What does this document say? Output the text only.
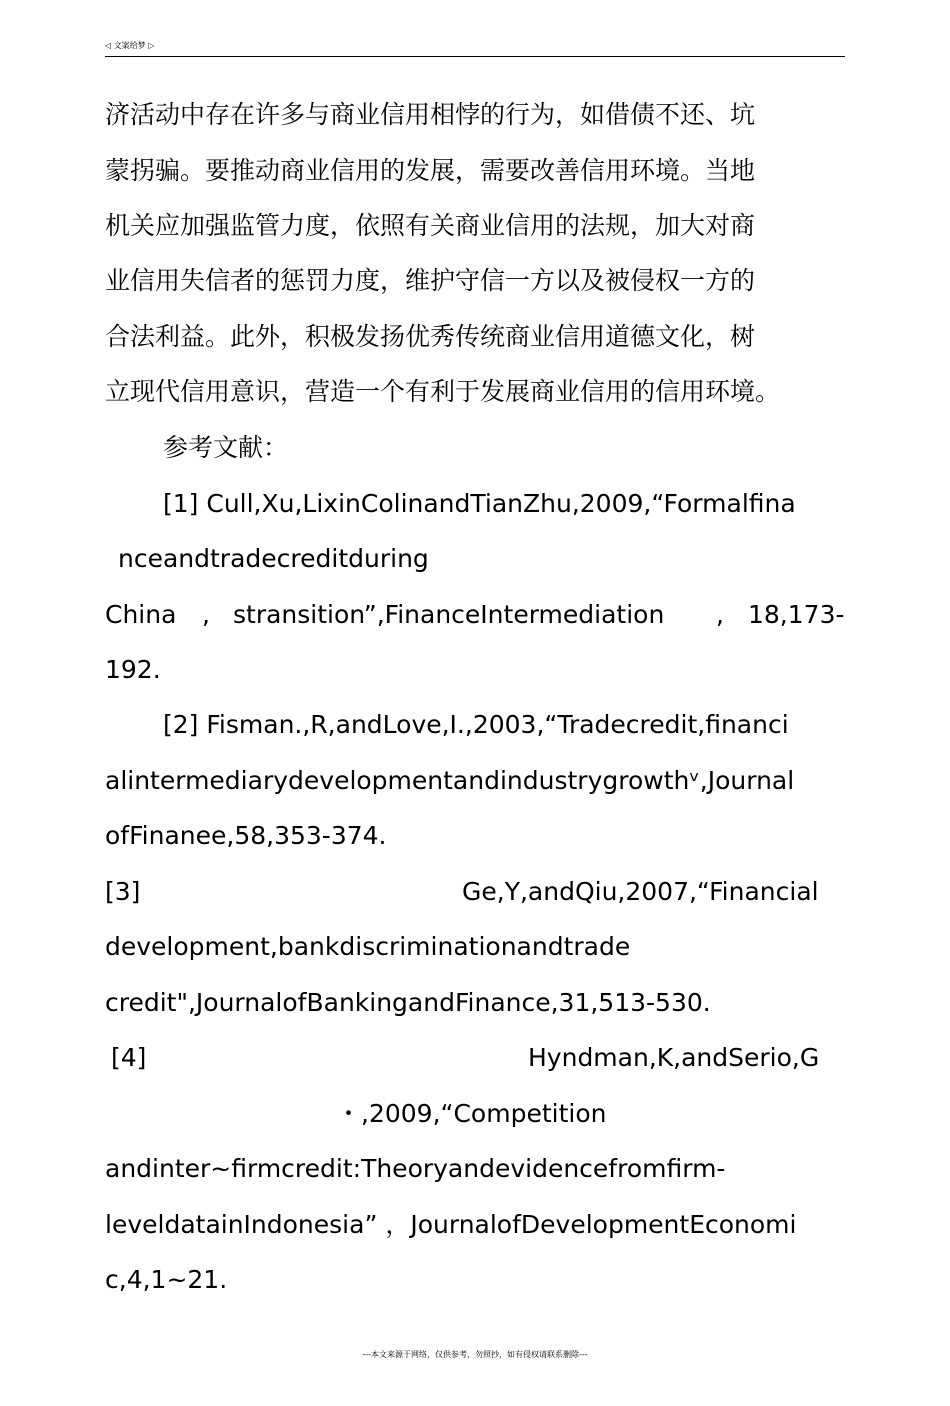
◁ 文案给梦 ▷
济活动中存在许多与商业信用相悖的行为，如借债不还、坑
蒙拐骗。要推动商业信用的发展，需要改善信用环境。当地
机关应加强监管力度，依照有关商业信用的法规，加大对商
业信用失信者的惩罚力度，维护守信一方以及被侵权一方的
合法利益。此外，积极发扬优秀传统商业信用道德文化，树
立现代信用意识，营造一个有利于发展商业信用的信用环境。
参考文献：
[1] Cull,Xu,LixinColinandTianZhu,2009,“Formalfina
nceandtradecreditduring
China , stransition”,FinanceIntermediation , 18,173-
192.
[2] Fisman.,R,andLove,I.,2003,“Tradecredit,financi
alintermediarydevelopmentandindustrygrowthᵛ,Journal
ofFinanee,58,353-374.
[3]	Ge,Y,andQiu,2007,“Financial
development,bankdiscriminationandtrade
credit",JournalofBankingandFinance,31,513-530.
[4]	Hyndman,K,andSerio,G
・,2009,“Competition
andinter~firmcredit:Theoryandevidencefromfirm-
leveldatainIndonesia” ，JournalofDevelopmentEconomi
c,4,1~21.
---本文来源于网络，仅供参考，勿照抄，如有侵权请联系删除---
